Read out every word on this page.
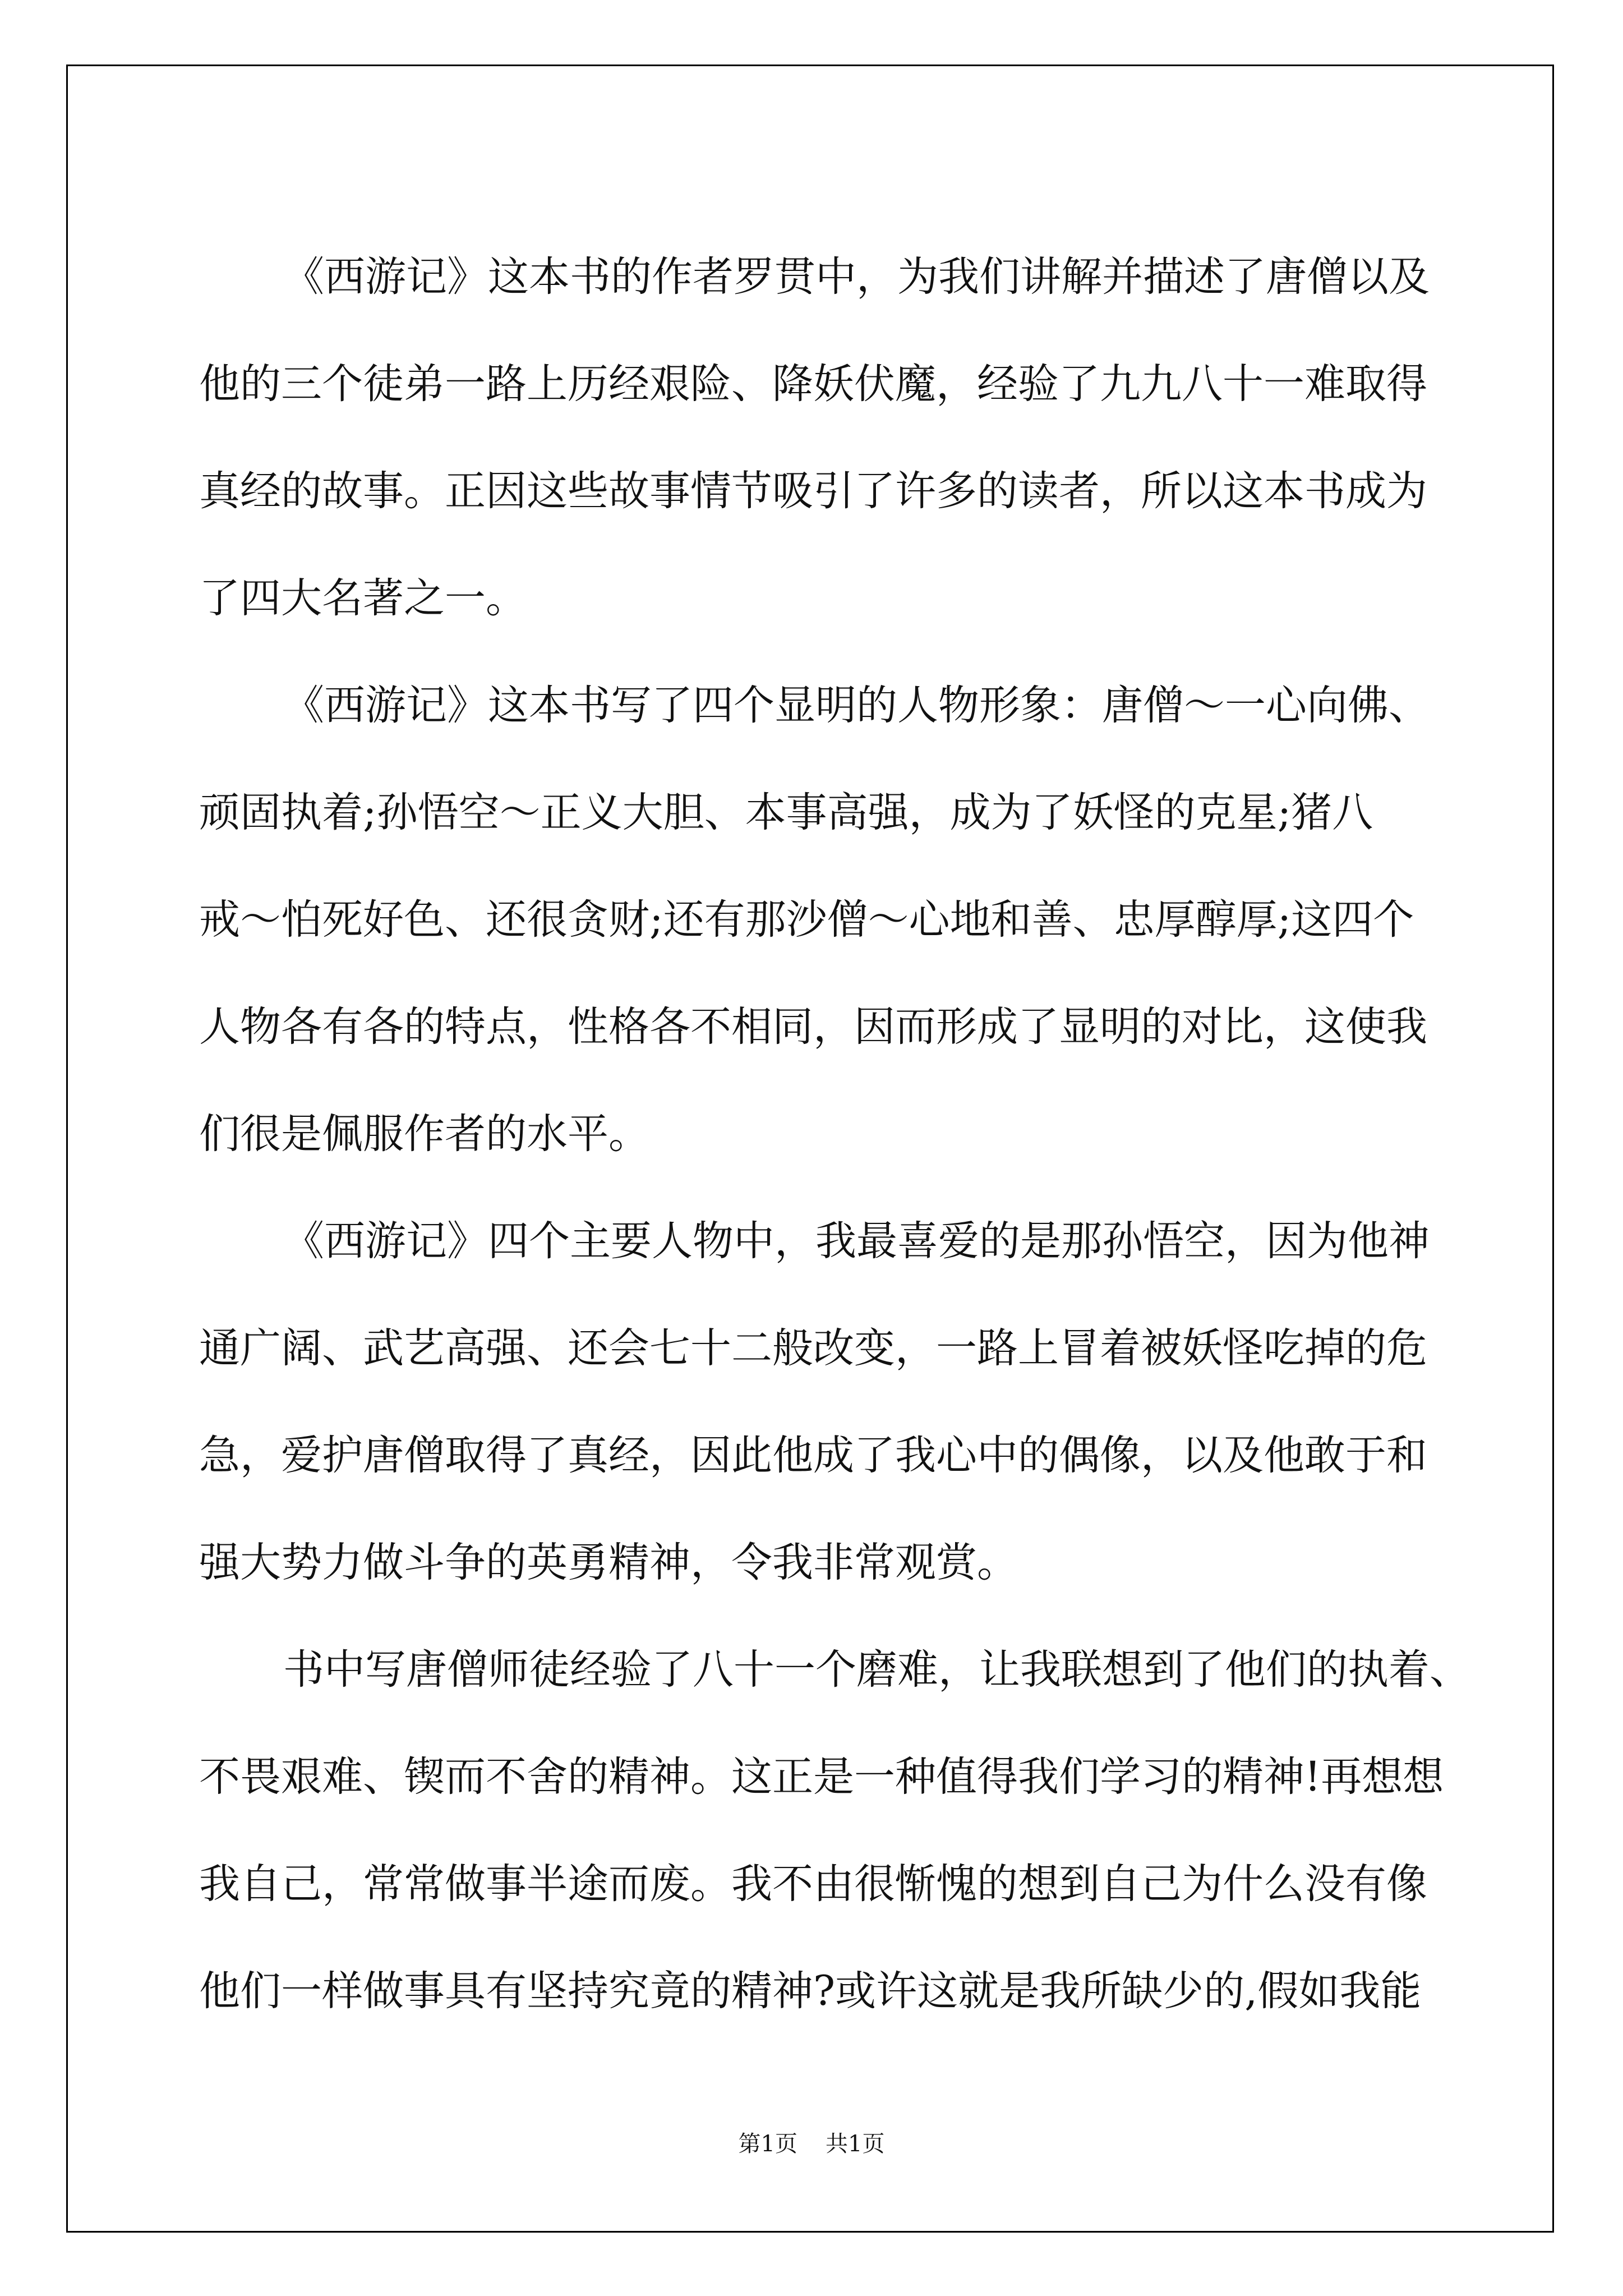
《西游记》这本书的作者罗贯中，为我们讲解并描述了唐僧以及
他的三个徒弟一路上历经艰险、降妖伏魔，经验了九九八十一难取得
真经的故事。正因这些故事情节吸引了许多的读者，所以这本书成为
了四大名著之一。
《西游记》这本书写了四个显明的人物形象：唐僧～一心向佛、
顽固执着;孙悟空～正义大胆、本事高强，成为了妖怪的克星;猪八
戒～怕死好色、还很贪财;还有那沙僧～心地和善、忠厚醇厚;这四个
人物各有各的特点，性格各不相同，因而形成了显明的对比，这使我
们很是佩服作者的水平。
《西游记》四个主要人物中，我最喜爱的是那孙悟空，因为他神
通广阔、武艺高强、还会七十二般改变，一路上冒着被妖怪吃掉的危
急，爱护唐僧取得了真经，因此他成了我心中的偶像，以及他敢于和
强大势力做斗争的英勇精神，令我非常观赏。
书中写唐僧师徒经验了八十一个磨难，让我联想到了他们的执着、
不畏艰难、锲而不舍的精神。这正是一种值得我们学习的精神!再想想
我自己，常常做事半途而废。我不由很惭愧的想到自己为什么没有像
他们一样做事具有坚持究竟的精神?或许这就是我所缺少的,假如我能
第1页 共1页
